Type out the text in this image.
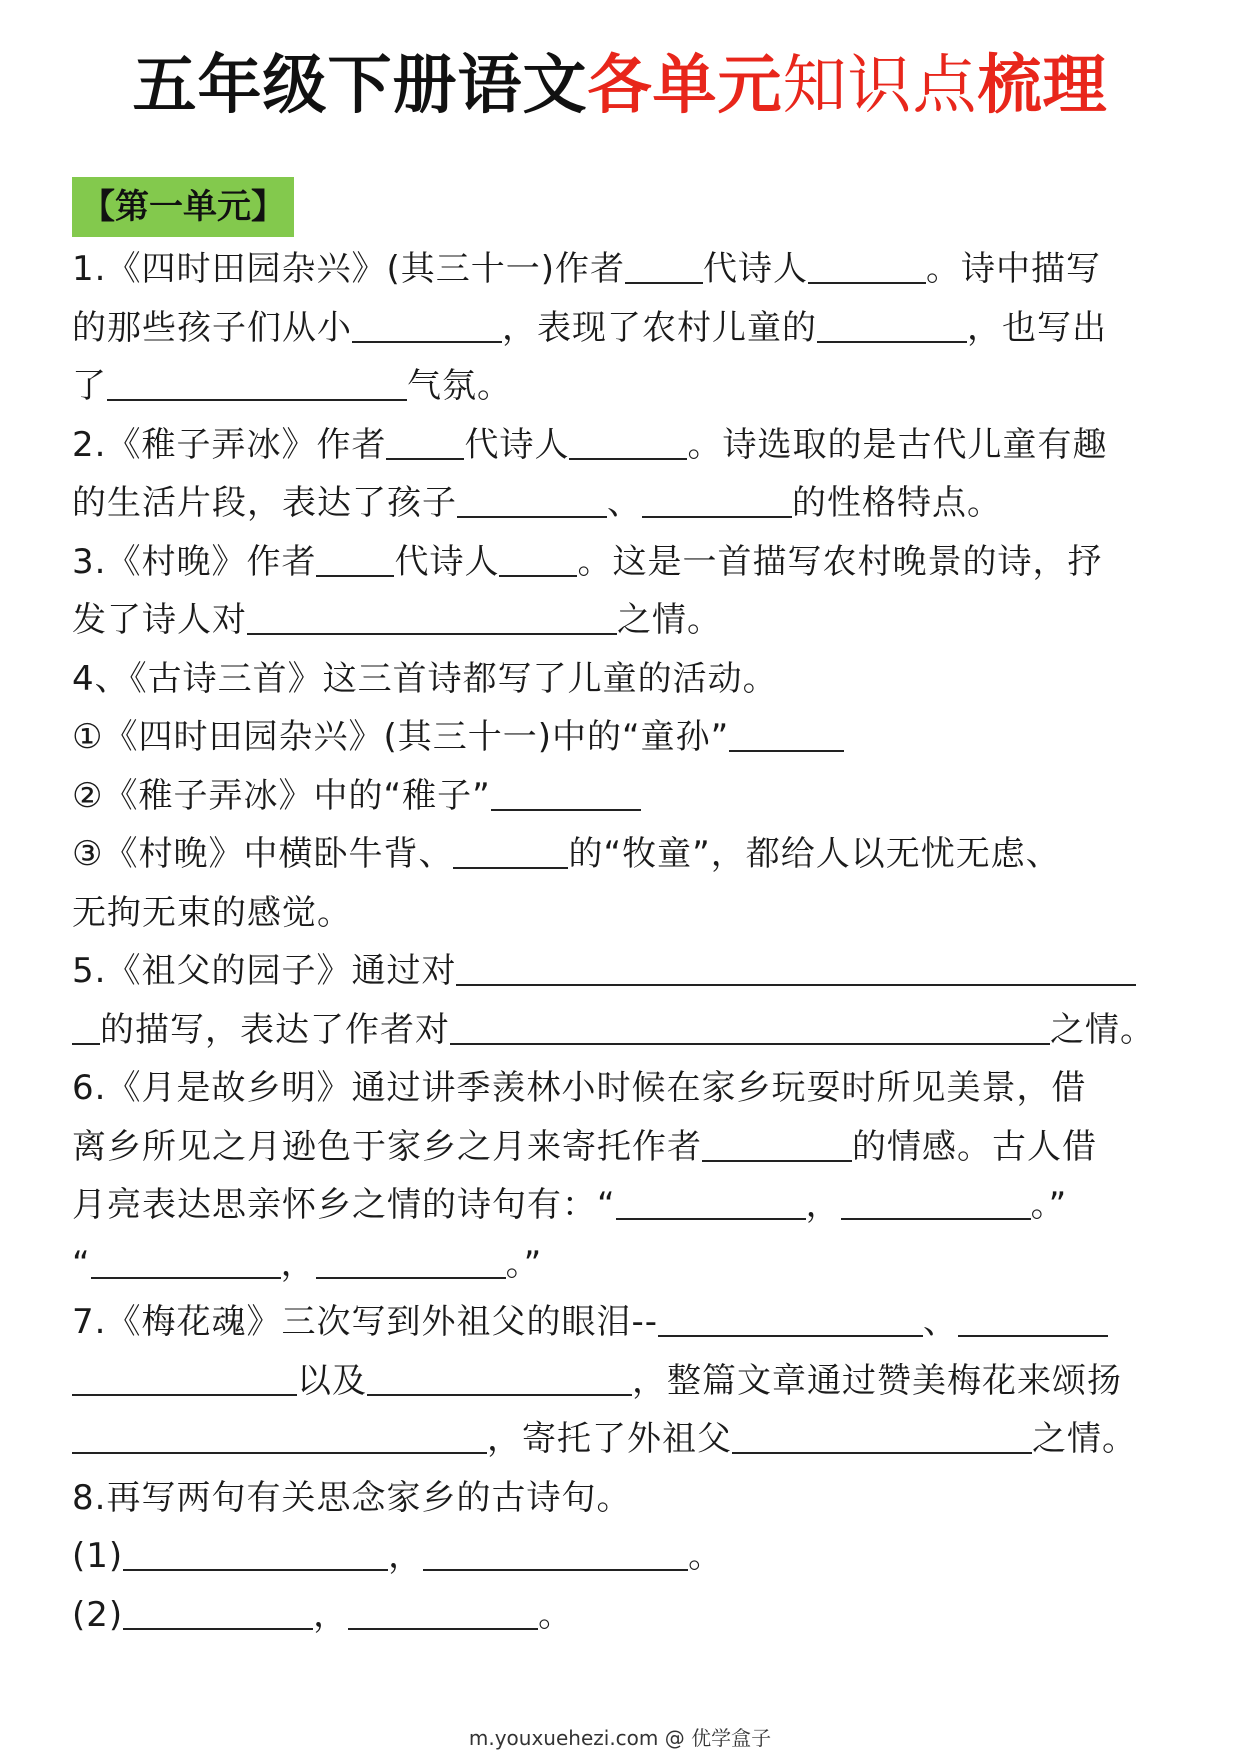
五年级下册语文各单元知识点梳理
【第一单元】
1.《四时田园杂兴》(其三十一)作者 代诗人	。诗中描写
的那些孩子们从小	，表现了农村儿童的	，也写出
了	气氛。
2.《稚子弄冰》作者 代诗人	。诗选取的是古代儿童有趣
的生活片段，表达了孩子	、	的性格特点。
3.《村晚》作者 代诗人 。这是一首描写农村晚景的诗，抒
发了诗人对	之情。
4、《古诗三首》这三首诗都写了儿童的活动。
①《四时田园杂兴》(其三十一)中的“童孙”
②《稚子弄冰》中的“稚子”
③《村晚》中横卧牛背、	的“牧童”，都给人以无忧无虑、
无拘无束的感觉。
5.《祖父的园子》通过对
的描写，表达了作者对	之情。
6.《月是故乡明》通过讲季羡林小时候在家乡玩耍时所见美景，借
离乡所见之月逊色于家乡之月来寄托作者	的情感。古人借
月亮表达思亲怀乡之情的诗句有：“	，	。”
“	，	。”
7.《梅花魂》三次写到外祖父的眼泪--	、
以及	，整篇文章通过赞美梅花来颂扬
，寄托了外祖父	之情。
8.再写两句有关思念家乡的古诗句。
(1)	，	。
(2)	，	。
m.youxuehezi.com @ 优学盒子
